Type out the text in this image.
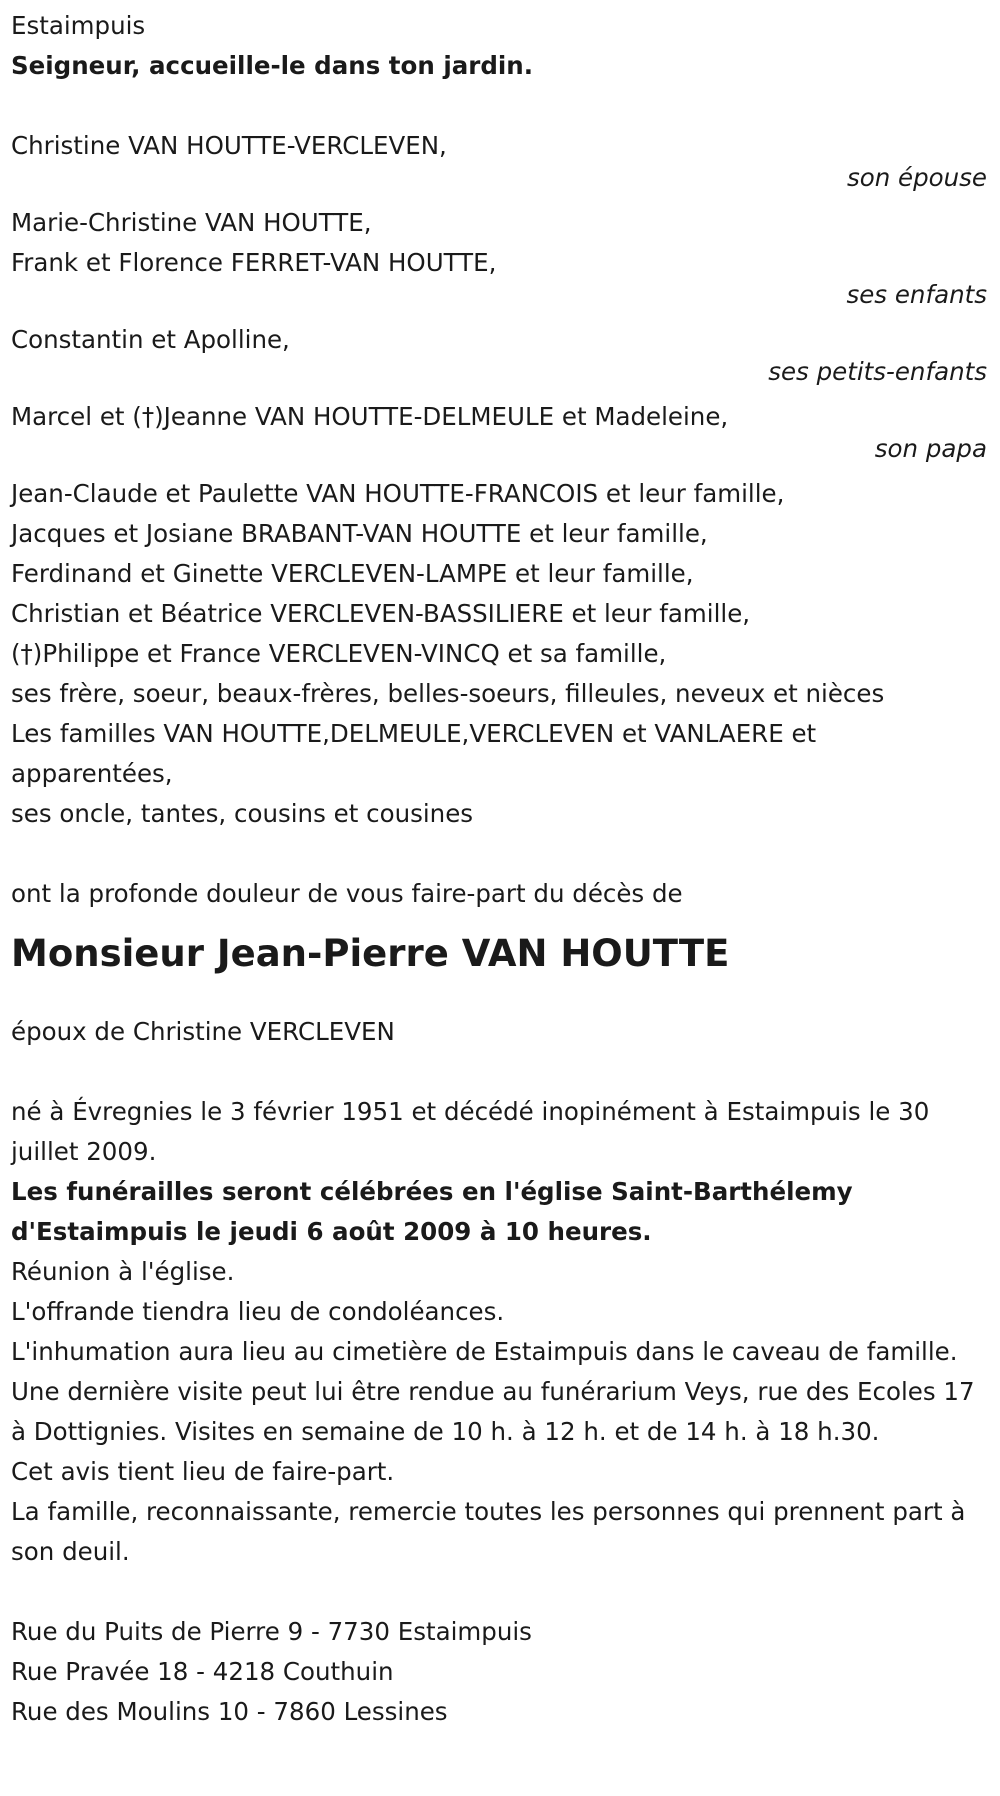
Estaimpuis
Seigneur, accueille-le dans ton jardin.
Christine VAN HOUTTE-VERCLEVEN,
son épouse
Marie-Christine VAN HOUTTE,
Frank et Florence FERRET-VAN HOUTTE,
ses enfants
Constantin et Apolline,
ses petits-enfants
Marcel et (†)Jeanne VAN HOUTTE-DELMEULE et Madeleine,
son papa
Jean-Claude et Paulette VAN HOUTTE-FRANCOIS et leur famille,
Jacques et Josiane BRABANT-VAN HOUTTE et leur famille,
Ferdinand et Ginette VERCLEVEN-LAMPE et leur famille,
Christian et Béatrice VERCLEVEN-BASSILIERE et leur famille,
(†)Philippe et France VERCLEVEN-VINCQ et sa famille,
ses frère, soeur, beaux-frères, belles-soeurs, filleules, neveux et nièces
Les familles VAN HOUTTE,DELMEULE,VERCLEVEN et VANLAERE et apparentées,
ses oncle, tantes, cousins et cousines
ont la profonde douleur de vous faire-part du décès de
Monsieur Jean-Pierre VAN HOUTTE
époux de Christine VERCLEVEN
né à Évregnies le 3 février 1951 et décédé inopinément à Estaimpuis le 30 juillet 2009.
Les funérailles seront célébrées en l'église Saint-Barthélemy d'Estaimpuis le jeudi 6 août 2009 à 10 heures.
Réunion à l'église.
L'offrande tiendra lieu de condoléances.
L'inhumation aura lieu au cimetière de Estaimpuis dans le caveau de famille.
Une dernière visite peut lui être rendue au funérarium Veys, rue des Ecoles 17 à Dottignies. Visites en semaine de 10 h. à 12 h. et de 14 h. à 18 h.30.
Cet avis tient lieu de faire-part.
La famille, reconnaissante, remercie toutes les personnes qui prennent part à son deuil.
Rue du Puits de Pierre 9 - 7730 Estaimpuis
Rue Pravée 18 - 4218 Couthuin
Rue des Moulins 10 - 7860 Lessines
